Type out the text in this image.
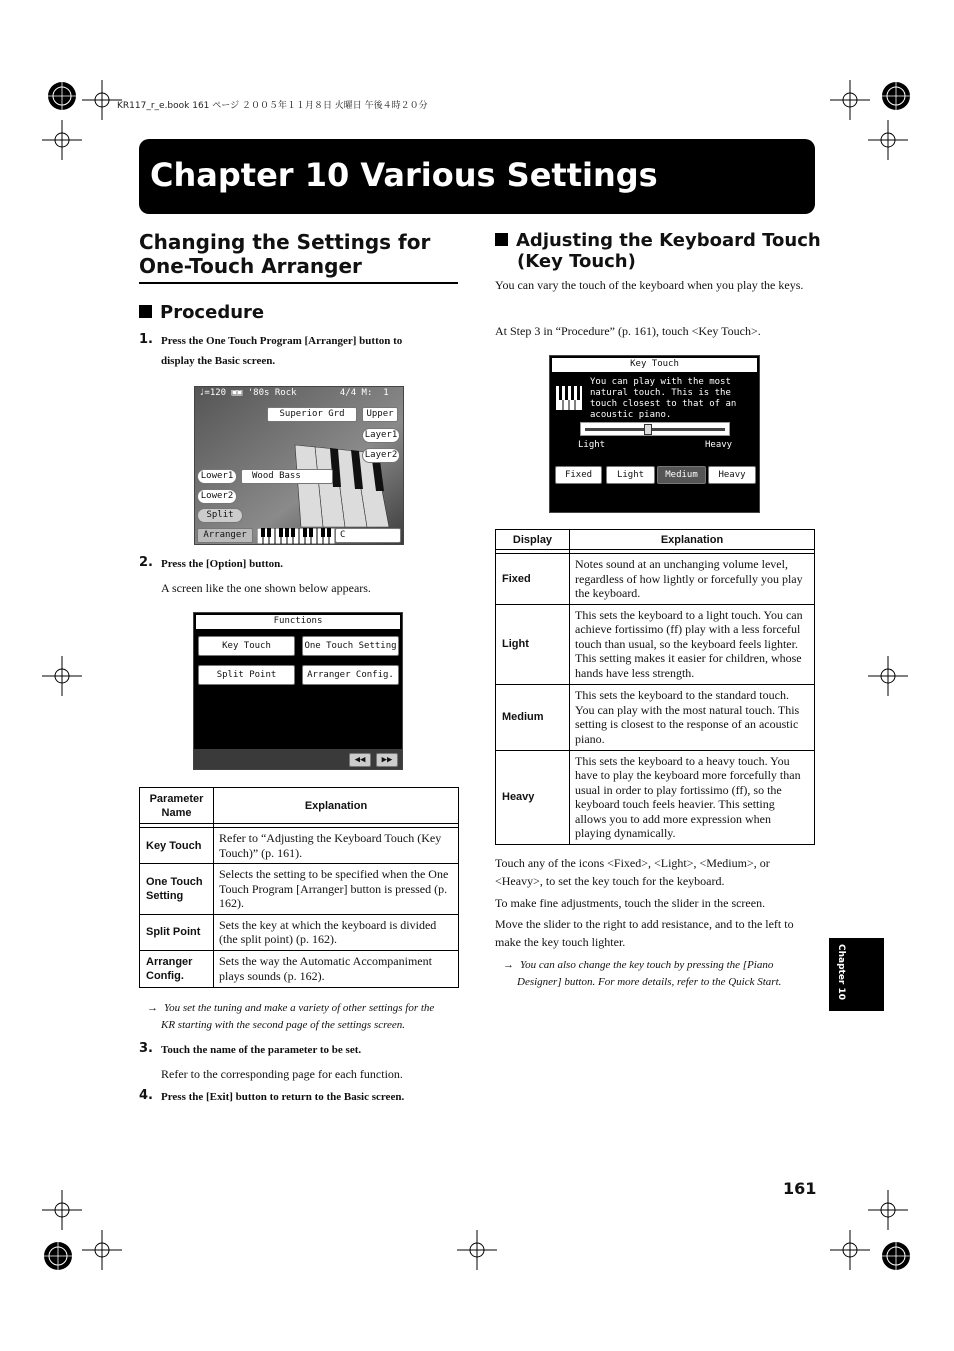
KR117_r_e.book 161 ページ ２００５年１１月８日 火曜日 午後４時２０分
Chapter 10 Various Settings
Changing the Settings for
One-Touch Arranger
Procedure
1. Press the One Touch Program [Arranger] button to
display the Basic screen.
♩=120 ▣▣ '80s Rock        4/4 M:  1
Superior Grd	Upper
Layer1
Layer2
Lower1	Wood Bass
Lower2
Split
Arranger	C
2. Press the [Option] button.
A screen like the one shown below appears.
Functions
Key Touch	One Touch Setting
Split Point	Arranger Config.
◀◀	▶▶
Parameter
Name	Explanation

Key Touch	Refer to “Adjusting the Keyboard Touch (Key Touch)” (p. 161).
One Touch
Setting	Selects the setting to be specified when the One Touch Program [Arranger] button is pressed (p. 162).
Split Point	Sets the key at which the keyboard is divided (the split point) (p. 162).
Arranger
Config.	Sets the way the Automatic Accompaniment plays sounds (p. 162).
→ You set the tuning and make a variety of other settings for the
KR starting with the second page of the settings screen.
3. Touch the name of the parameter to be set.
Refer to the corresponding page for each function.
4. Press the [Exit] button to return to the Basic screen.
Adjusting the Keyboard Touch
(Key Touch)
You can vary the touch of the keyboard when you play the keys.
At Step 3 in “Procedure” (p. 161), touch <Key Touch>.
Key Touch
You can play with the most natural touch. This is the touch closest to that of an acoustic piano.
Light	Heavy
Fixed	Light	Medium	Heavy
Display	Explanation

Fixed	Notes sound at an unchanging volume level, regardless of how lightly or forcefully you play the keyboard.
Light	This sets the keyboard to a light touch. You can achieve fortissimo (ff) play with a less forceful touch than usual, so the keyboard feels lighter. This setting makes it easier for children, whose hands have less strength.
Medium	This sets the keyboard to the standard touch. You can play with the most natural touch. This setting is closest to the response of an acoustic piano.
Heavy	This sets the keyboard to a heavy touch. You have to play the keyboard more forcefully than usual in order to play fortissimo (ff), so the keyboard touch feels heavier. This setting allows you to add more expression when playing dynamically.
Touch any of the icons <Fixed>, <Light>, <Medium>, or <Heavy>, to set the key touch for the keyboard.
To make fine adjustments, touch the slider in the screen.
Move the slider to the right to add resistance, and to the left to make the key touch lighter.
→ You can also change the key touch by pressing the [Piano
Designer] button. For more details, refer to the Quick Start.	Chapter 10
161
